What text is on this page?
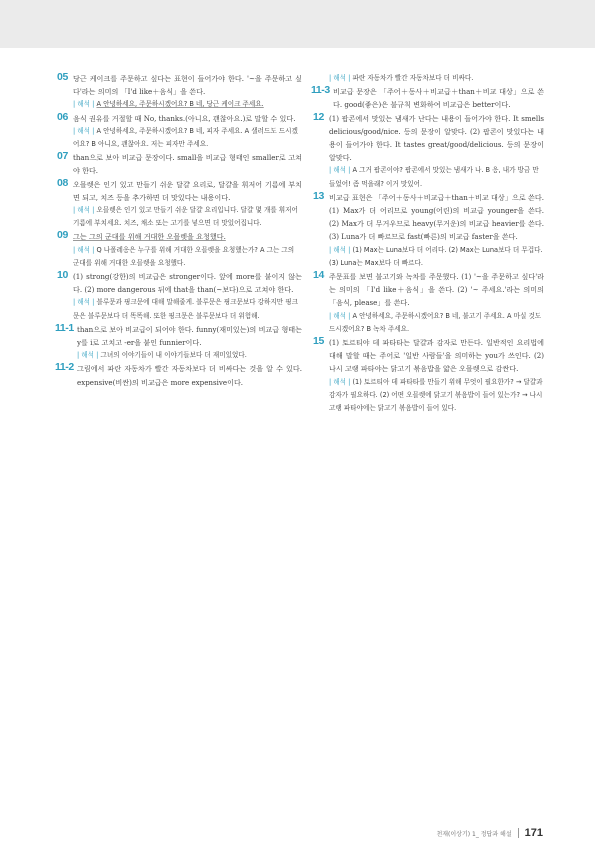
05 당근 케이크를 주문하고 싶다는 표현이 들어가야 한다. '~을 주문하고 싶다'라는 의미의 「I'd like＋음식」을 쓴다.
| 해석 | A 안녕하세요, 주문하시겠어요? B 네, 당근 케이크 주세요.
06 음식 권유를 거절할 때 No, thanks.(아니요, 괜찮아요.)로 말할 수 있다.
| 해석 | A 안녕하세요, 주문하시겠어요? B 네, 피자 주세요. A 샐러드도 드시겠어요? B 아니요, 괜찮아요. 저는 피자만 주세요.
07 than으로 보아 비교급 문장이다. small을 비교급 형태인 smaller로 고쳐야 한다.
08 오믈렛은 인기 있고 만들기 쉬운 달걀 요리로, 달걀을 휘저어 기름에 부치면 되고, 치즈 등을 추가하면 더 맛있다는 내용이다.
| 해석 | 오믈렛은 인기 있고 만들기 쉬운 달걀 요리입니다. 달걀 몇 개를 휘저어 기름에 부치세요. 치즈, 채소 또는 고기를 넣으면 더 맛있어집니다.
09 그는 그의 군대를 위해 거대한 오믈렛을 요청했다.
| 해석 | Q 나폴레옹은 누구를 위해 거대한 오믈렛을 요청했는가? A 그는 그의 군대를 위해 거대한 오믈렛을 요청했다.
10 (1) strong(강한)의 비교급은 stronger이다. 앞에 more를 붙이지 않는다. (2) more dangerous 뒤에 that을 than(~보다)으로 고쳐야 한다.
| 해석 | 블루문과 핑크문에 대해 말해줄게. 블루문은 핑크문보다 강하지만 핑크문은 블루문보다 더 똑똑해. 또한 핑크문은 블루문보다 더 위험해.
11-1 than으로 보아 비교급이 되어야 한다. funny(재미있는)의 비교급 형태는 y를 i로 고치고 -er을 붙인 funnier이다.
| 해석 | 그녀의 이야기들이 내 이야기들보다 더 재미있었다.
11-2 그림에서 파란 자동차가 빨간 자동차보다 더 비싸다는 것을 알 수 있다. expensive(비싼)의 비교급은 more expensive이다.
| 해석 | 파란 자동차가 빨간 자동차보다 더 비싸다.
11-3 비교급 문장은 「주어＋동사＋비교급＋than＋비교 대상」으로 쓴다. good(좋은)은 불규칙 변화하여 비교급은 better이다.
12 (1) 팝콘에서 맛있는 냄새가 난다는 내용이 들어가야 한다. It smells delicious/good/nice. 등의 문장이 알맞다. (2) 팝콘이 맛있다는 내용이 들어가야 한다. It tastes great/good/delicious. 등의 문장이 알맞다.
| 해석 | A 그거 팝콘이야? 팝콘에서 맛있는 냄새가 나. B 응, 내가 방금 만들었어! 좀 먹을래? 이거 맛있어.
13 비교급 표현은 「주어＋동사＋비교급＋than＋비교 대상」으로 쓴다. (1) Max가 더 어리므로 young(어린)의 비교급 younger을 쓴다. (2) Max가 더 무거우므로 heavy(무거운)의 비교급 heavier를 쓴다. (3) Luna가 더 빠르므로 fast(빠른)의 비교급 faster을 쓴다.
| 해석 | (1) Max는 Luna보다 더 어리다. (2) Max는 Luna보다 더 무겁다. (3) Luna는 Max보다 더 빠르다.
14 주문표를 보면 불고기와 녹차를 주문했다. (1) '~을 주문하고 싶다'라는 의미의 「I'd like＋음식」을 쓴다. (2) '~ 주세요.'라는 의미의 「음식, please」를 쓴다.
| 해석 | A 안녕하세요, 주문하시겠어요? B 네, 불고기 주세요. A 마실 것도 드시겠어요? B 녹차 주세요.
15 (1) 토르티야 데 파타타는 달걀과 감자로 만든다. 일반적인 요리법에 대해 말할 때는 주어로 '일반 사람들'을 의미하는 you가 쓰인다. (2) 나시 고랭 파타야는 닭고기 볶음밥을 얇은 오믈렛으로 감싼다.
| 해석 | (1) 토르티아 데 파타타를 만들기 위해 무엇이 필요한가? → 달걀과 감자가 필요하다. (2) 어떤 오믈렛에 닭고기 볶음밥이 들어 있는가? → 나시 고랭 파타야에는 닭고기 볶음밥이 들어 있다.
천재(이상기) 1_ 정답과 해설 171
